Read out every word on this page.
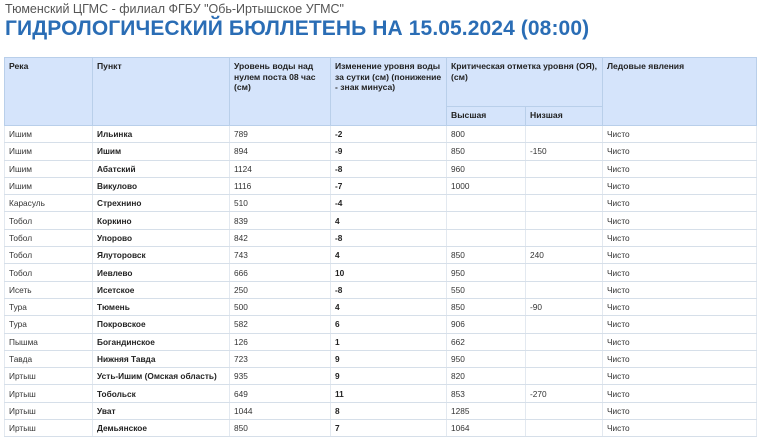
Тюменский ЦГМС - филиал ФГБУ "Обь-Иртышское УГМС"
ГИДРОЛОГИЧЕСКИЙ БЮЛЛЕТЕНЬ НА 15.05.2024 (08:00)
Река	Пункт	Уровень воды над нулем поста 08 час (см)	Изменение уровня воды за сутки (см) (понижение - знак минуса)	Критическая отметка уровня (ОЯ), (см)		Ледовые явления
				Высшая	Низшая	
Ишим	Ильинка	789	-2	800		Чисто
Ишим	Ишим	894	-9	850	-150	Чисто
Ишим	Абатский	1124	-8	960		Чисто
Ишим	Викулово	1116	-7	1000		Чисто
Карасуль	Стрехнино	510	-4			Чисто
Тобол	Коркино	839	4			Чисто
Тобол	Упорово	842	-8			Чисто
Тобол	Ялуторовск	743	4	850	240	Чисто
Тобол	Иевлево	666	10	950		Чисто
Исеть	Исетское	250	-8	550		Чисто
Тура	Тюмень	500	4	850	-90	Чисто
Тура	Покровское	582	6	906		Чисто
Пышма	Богандинское	126	1	662		Чисто
Тавда	Нижняя Тавда	723	9	950		Чисто
Иртыш	Усть-Ишим (Омская область)	935	9	820		Чисто
Иртыш	Тобольск	649	11	853	-270	Чисто
Иртыш	Уват	1044	8	1285		Чисто
Иртыш	Демьянское	850	7	1064		Чисто
